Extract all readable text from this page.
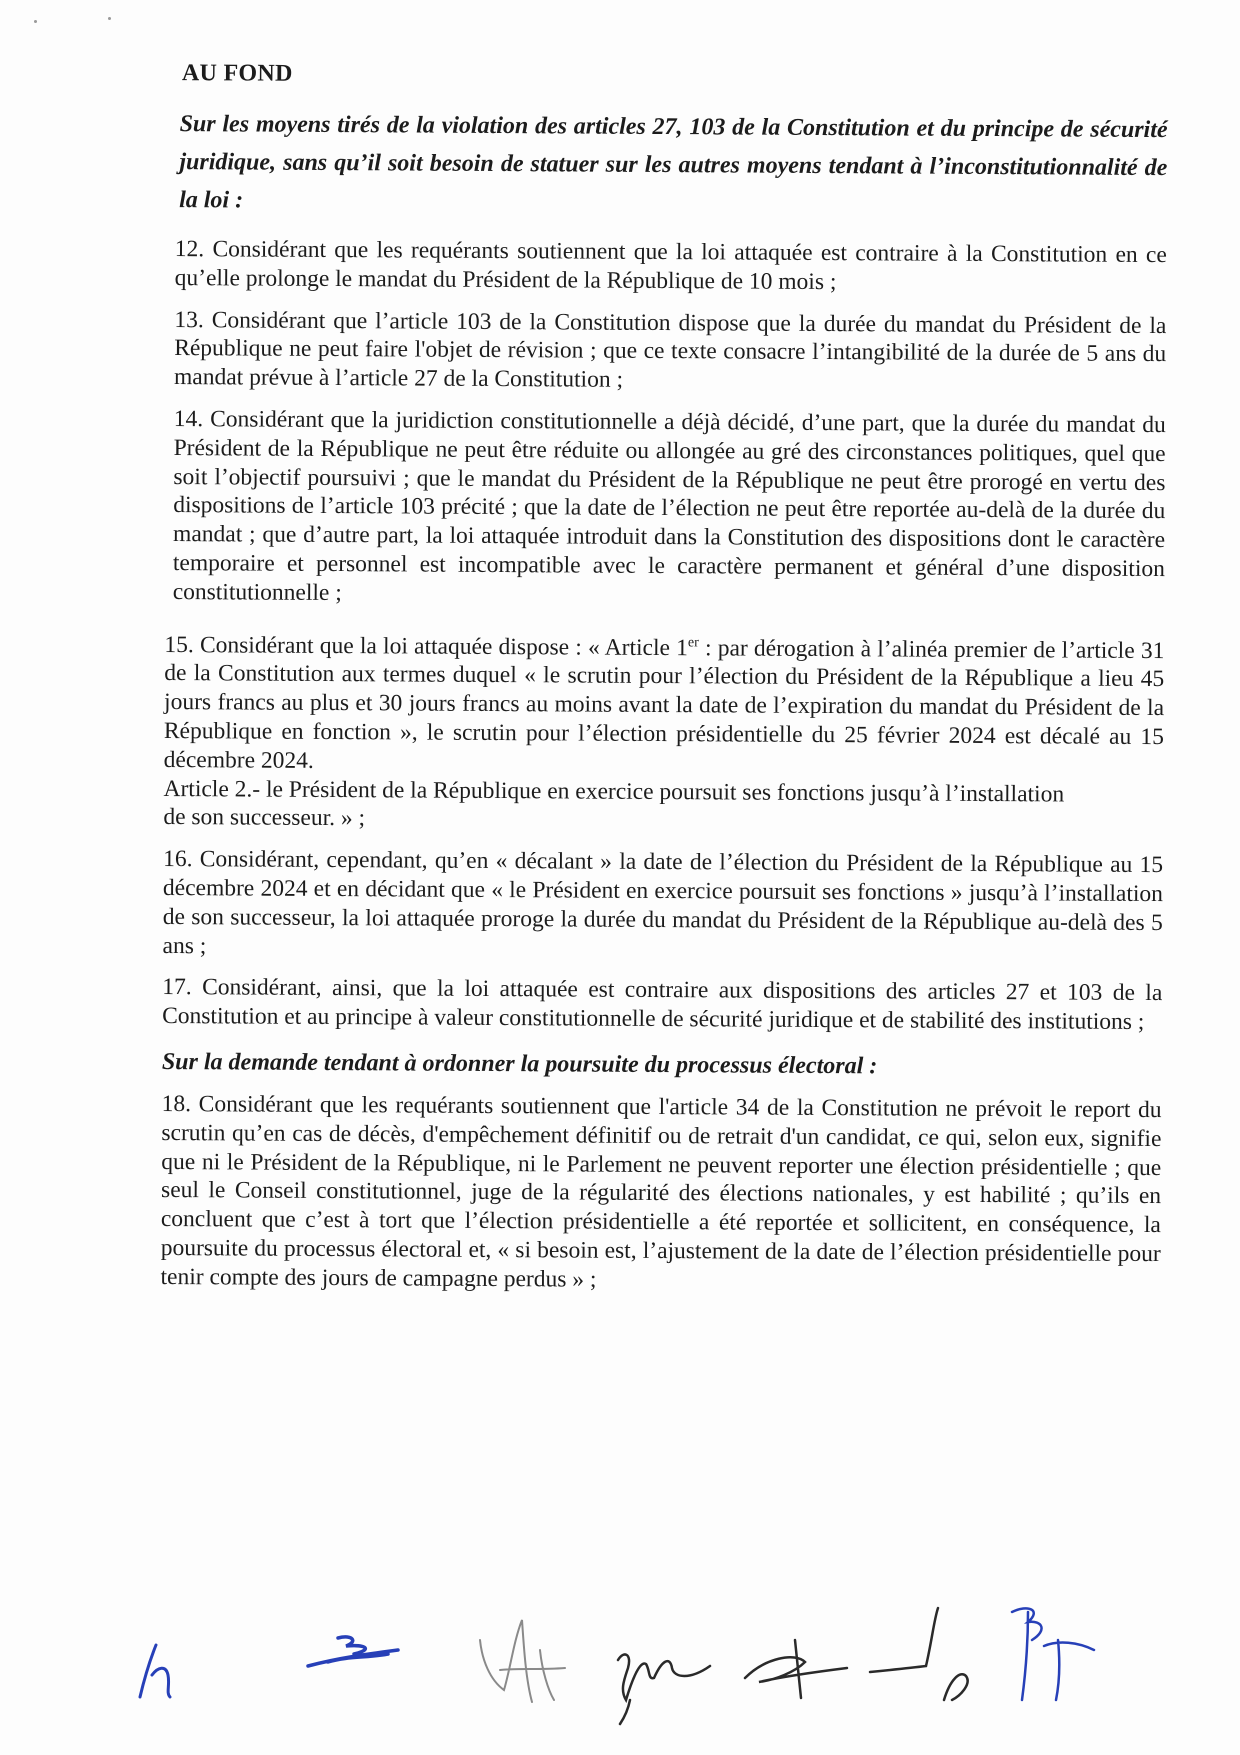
AU FOND
Sur les moyens tirés de la violation des articles 27, 103 de la Constitution et du principe de sécurité juridique, sans qu’il soit besoin de statuer sur les autres moyens tendant à l’inconstitutionnalité de la loi :

12. Considérant que les requérants soutiennent que la loi attaquée est contraire à la Constitution en ce qu’elle prolonge le mandat du Président de la République de 10 mois ;

13. Considérant que l’article 103 de la Constitution dispose que la durée du mandat du Président de la République ne peut faire l'objet de révision ; que ce texte consacre l’intangibilité de la durée de 5 ans du mandat prévue à l’article 27 de la Constitution ;

14. Considérant que la juridiction constitutionnelle a déjà décidé, d’une part, que la durée du mandat du Président de la République ne peut être réduite ou allongée au gré des circonstances politiques, quel que soit l’objectif poursuivi ; que le mandat du Président de la République ne peut être prorogé en vertu des dispositions de l’article 103 précité ; que la date de l’élection ne peut être reportée au-delà de la durée du mandat ; que d’autre part, la loi attaquée introduit dans la Constitution des dispositions dont le caractère temporaire et personnel est incompatible avec le caractère permanent et général d’une disposition constitutionnelle ;

15. Considérant que la loi attaquée dispose : « Article 1er : par dérogation à l’alinéa premier de l’article 31 de la Constitution aux termes duquel « le scrutin pour l’élection du Président de la République a lieu 45 jours francs au plus et 30 jours francs au moins avant la date de l’expiration du mandat du Président de la République en fonction », le scrutin pour l’élection présidentielle du 25 février 2024 est décalé au 15 décembre 2024.

Article 2.- le Président de la République en exercice poursuit ses fonctions jusqu’à l’installation de son successeur. » ;

16. Considérant, cependant, qu’en « décalant » la date de l’élection du Président de la République au 15 décembre 2024 et en décidant que « le Président en exercice poursuit ses fonctions » jusqu’à l’installation de son successeur, la loi attaquée proroge la durée du mandat du Président de la République au-delà des 5 ans ;

17. Considérant, ainsi, que la loi attaquée est contraire aux dispositions des articles 27 et 103 de la Constitution et au principe à valeur constitutionnelle de sécurité juridique et de stabilité des institutions ;

Sur la demande tendant à ordonner la poursuite du processus électoral :

18. Considérant que les requérants soutiennent que l'article 34 de la Constitution ne prévoit le report du scrutin qu’en cas de décès, d'empêchement définitif ou de retrait d'un candidat, ce qui, selon eux, signifie que ni le Président de la République, ni le Parlement ne peuvent reporter une élection présidentielle ; que seul le Conseil constitutionnel, juge de la régularité des élections nationales, y est habilité ; qu’ils en concluent que c’est à tort que l’élection présidentielle a été reportée et sollicitent, en conséquence, la poursuite du processus électoral et, « si besoin est, l’ajustement de la date de l’élection présidentielle pour tenir compte des jours de campagne perdus » ;
